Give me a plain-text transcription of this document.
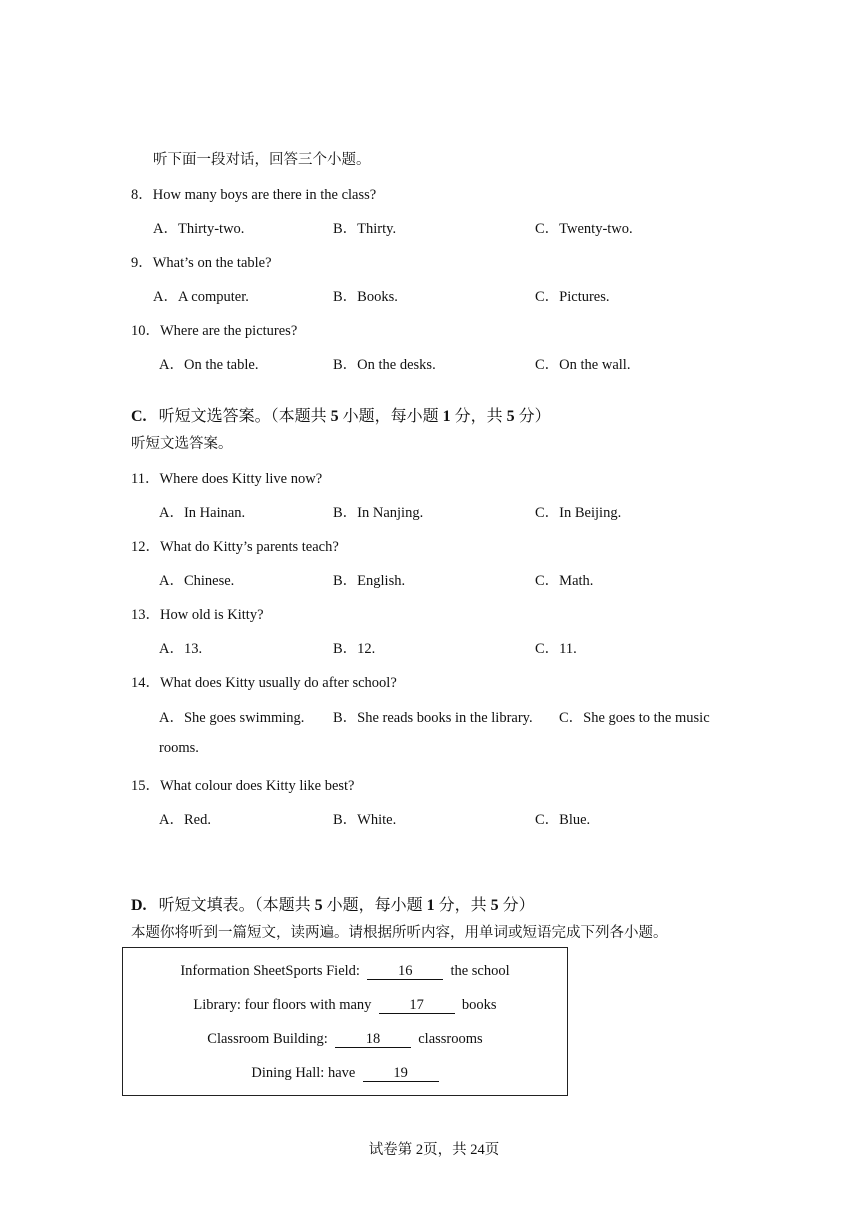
听下面一段对话，回答三个小题。
8．How many boys are there in the class?
A．Thirty-two.	B．Thirty.	C．Twenty-two.
9．What’s on the table?
A．A computer.	B．Books.	C．Pictures.
10．Where are the pictures?
A．On the table.	B．On the desks.	C．On the wall.
C. 听短文选答案。（本题共 5 小题，每小题 1 分，共 5 分）
听短文选答案。
11．Where does Kitty live now?
A．In Hainan.	B．In Nanjing.	C．In Beijing.
12．What do Kitty’s parents teach?
A．Chinese.	B．English.	C．Math.
13．How old is Kitty?
A．13.	B．12.	C．11.
14．What does Kitty usually do after school?
A．She goes swimming. B．She reads books in the library. C．She goes to the music
rooms.
15．What colour does Kitty like best?
A．Red.	B．White.	C．Blue.
D. 听短文填表。（本题共 5 小题，每小题 1 分，共 5 分）
本题你将听到一篇短文，读两遍。请根据所听内容，用单词或短语完成下列各小题。
Information SheetSports Field:	16	the school
Library: four floors with many	17	books
Classroom Building:	18	classrooms
Dining Hall: have	19
试卷第 2页，共 24页
